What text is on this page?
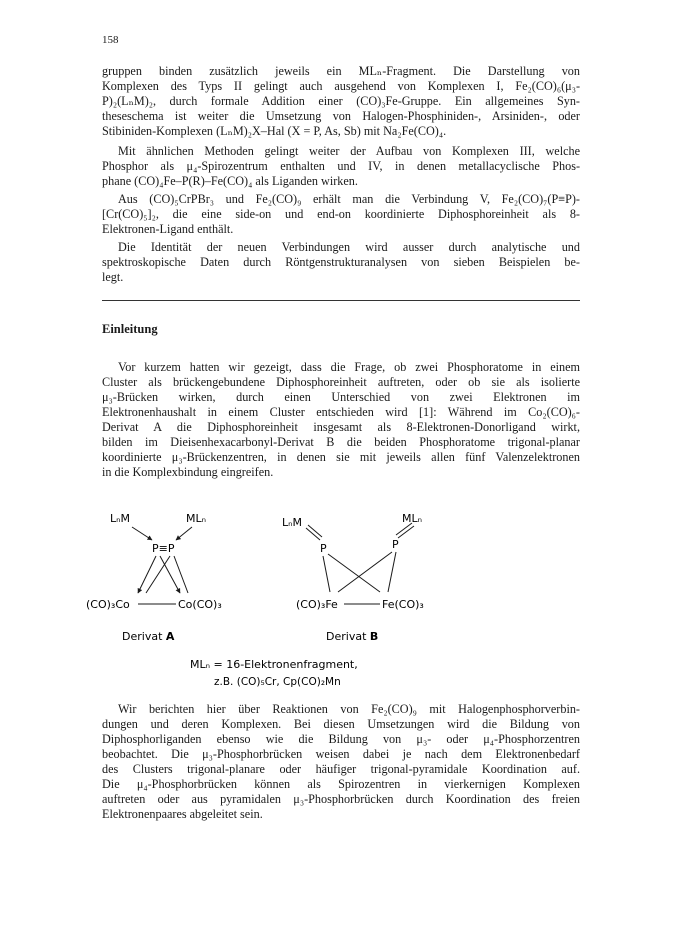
158
gruppen binden zusätzlich jeweils ein MLₙ-Fragment. Die Darstellung von
Komplexen des Typs II gelingt auch ausgehend von Komplexen I, Fe₂(CO)₆(μ₃-
P)₂(LₙM)₂, durch formale Addition einer (CO)₃Fe-Gruppe. Ein allgemeines Syn-
theseschema ist weiter die Umsetzung von Halogen-Phosphiniden-, Arsiniden-, oder
Stibiniden-Komplexen (LₙM)₂X–Hal (X = P, As, Sb) mit Na₂Fe(CO)₄.
Mit ähnlichen Methoden gelingt weiter der Aufbau von Komplexen III, welche
Phosphor als μ₄-Spirozentrum enthalten und IV, in denen metallacyclische Phos-
phane (CO)₄Fe–P(R)–Fe(CO)₄ als Liganden wirken.
Aus (CO)₅CrPBr₃ und Fe₂(CO)₉ erhält man die Verbindung V, Fe₂(CO)₇(P≡P)-
[Cr(CO)₅]₂, die eine side-on und end-on koordinierte Diphosphoreinheit als 8-
Elektronen-Ligand enthält.
Die Identität der neuen Verbindungen wird ausser durch analytische und
spektroskopische Daten durch Röntgenstrukturanalysen von sieben Beispielen be-
legt.
Einleitung
Vor kurzem hatten wir gezeigt, dass die Frage, ob zwei Phosphoratome in einem
Cluster als brückengebundene Diphosphoreinheit auftreten, oder ob sie als isolierte
μ₃-Brücken wirken, durch einen Unterschied von zwei Elektronen im
Elektronenhaushalt in einem Cluster entschieden wird [1]: Während im Co₂(CO)₆-
Derivat A die Diphosphoreinheit insgesamt als 8-Elektronen-Donorligand wirkt,
bilden im Dieisenhexacarbonyl-Derivat B die beiden Phosphoratome trigonal-planar
koordinierte μ₃-Brückenzentren, in denen sie mit jeweils allen fünf Valenzelektronen
in die Komplexbindung eingreifen.
LₙM	MLₙ
P≡P
(CO)₃Co	Co(CO)₃
Derivat A
LₙM	MLₙ
P	P
(CO)₃Fe	Fe(CO)₃
Derivat B
MLₙ = 16-Elektronenfragment,
z.B. (CO)₅Cr, Cp(CO)₂Mn
Wir berichten hier über Reaktionen von Fe₂(CO)₉ mit Halogenphosphorverbin-
dungen und deren Komplexen. Bei diesen Umsetzungen wird die Bildung von
Diphosphorliganden ebenso wie die Bildung von μ₃- oder μ₄-Phosphorzentren
beobachtet. Die μ₃-Phosphorbrücken weisen dabei je nach dem Elektronenbedarf
des Clusters trigonal-planare oder häufiger trigonal-pyramidale Koordination auf.
Die μ₄-Phosphorbrücken können als Spirozentren in vierkernigen Komplexen
auftreten oder aus pyramidalen μ₃-Phosphorbrücken durch Koordination des freien
Elektronenpaares abgeleitet sein.
